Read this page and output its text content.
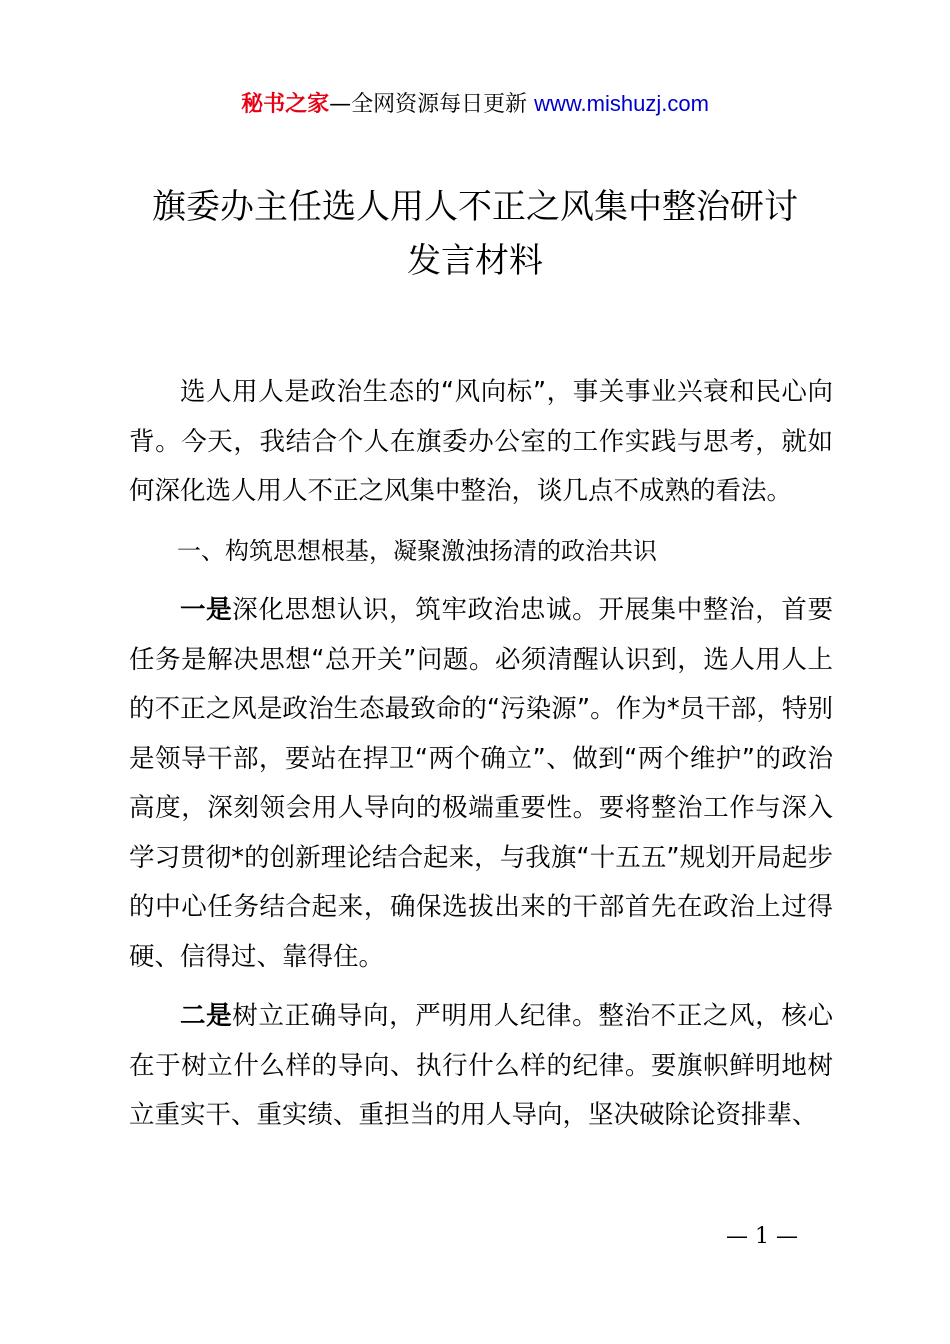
秘书之家—全网资源每日更新 www.mishuzj.com
旗委办主任选人用人不正之风集中整治研讨
发言材料

选人用人是政治生态的“风向标”，事关事业兴衰和民心向背。今天，我结合个人在旗委办公室的工作实践与思考，就如何深化选人用人不正之风集中整治，谈几点不成熟的看法。

一、构筑思想根基，凝聚激浊扬清的政治共识

一是深化思想认识，筑牢政治忠诚。开展集中整治，首要任务是解决思想“总开关”问题。必须清醒认识到，选人用人上的不正之风是政治生态最致命的“污染源”。作为*员干部，特别是领导干部，要站在捍卫“两个确立”、做到“两个维护”的政治高度，深刻领会用人导向的极端重要性。要将整治工作与深入学习贯彻*的创新理论结合起来，与我旗“十五五”规划开局起步的中心任务结合起来，确保选拔出来的干部首先在政治上过得硬、信得过、靠得住。

二是树立正确导向，严明用人纪律。整治不正之风，核心在于树立什么样的导向、执行什么样的纪律。要旗帜鲜明地树立重实干、重实绩、重担当的用人导向，坚决破除论资排辈、

— 1 —
